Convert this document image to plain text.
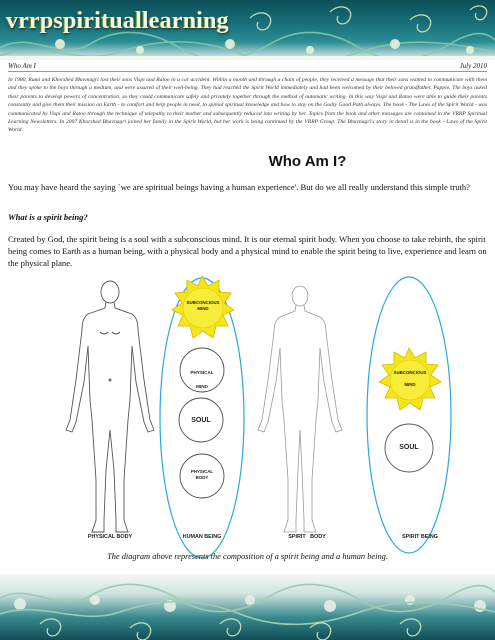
vrrpspirituallearning
Who Am I	July 2010
In 1980, Rumi and Khorshed Bhavnagri lost their sons Vispi and Ratoo in a car accident. Within a month and through a chain of people, they received a message that their sons wanted to communicate with them and they spoke to the boys through a medium, and were assured of their well-being. They had reached the Spirit World immediately and had been welcomed by their beloved grandfather, Pappie. The boys asked their parents to develop powers of concentration, so they could communicate safely and privately together through the method of automatic writing. In this way Vispi and Ratoo were able to guide their parents constantly and give them their mission on Earth - to comfort and help people in need, to spread spiritual knowledge and how to stay on the Godly Good Path always. The book - The Laws of the Spirit World - was communicated by Vispi and Ratoo through the technique of telepathy to their mother and subsequently reduced into writing by her. Topics from the book and other messages are contained in the VRRP Spiritual Learning Newsletters. In 2007 Khorshed Bhavnagri joined her family in the Spirit World, but her work is being continued by the VRRP Group. The Bhavnagri's story in detail is in the book - Laws of the Spirit World.
Who Am I?
You may have heard the saying `we are spiritual beings having a human experience'. But do we all really understand this simple truth?
What is a spirit being?
Created by God, the spirit being is a soul with a subconscious mind. It is our eternal spirit body. When you choose to take rebirth, the spirit being comes to Earth as a human being, with a physical body and a physical mind to enable the spirit being to live, experience and learn on the physical plane.
SUBCONCIOUS
MIND
PHYSICAL
MIND
SOUL
PHYSICAL
BODY
SUBCONCIOUS
MIND
SOUL
PHYSICAL BODY	HUMAN BEING	SPIRIT   BODY	SPIRIT BEING
The diagram above represents the composition of a spirit being and a human being.
